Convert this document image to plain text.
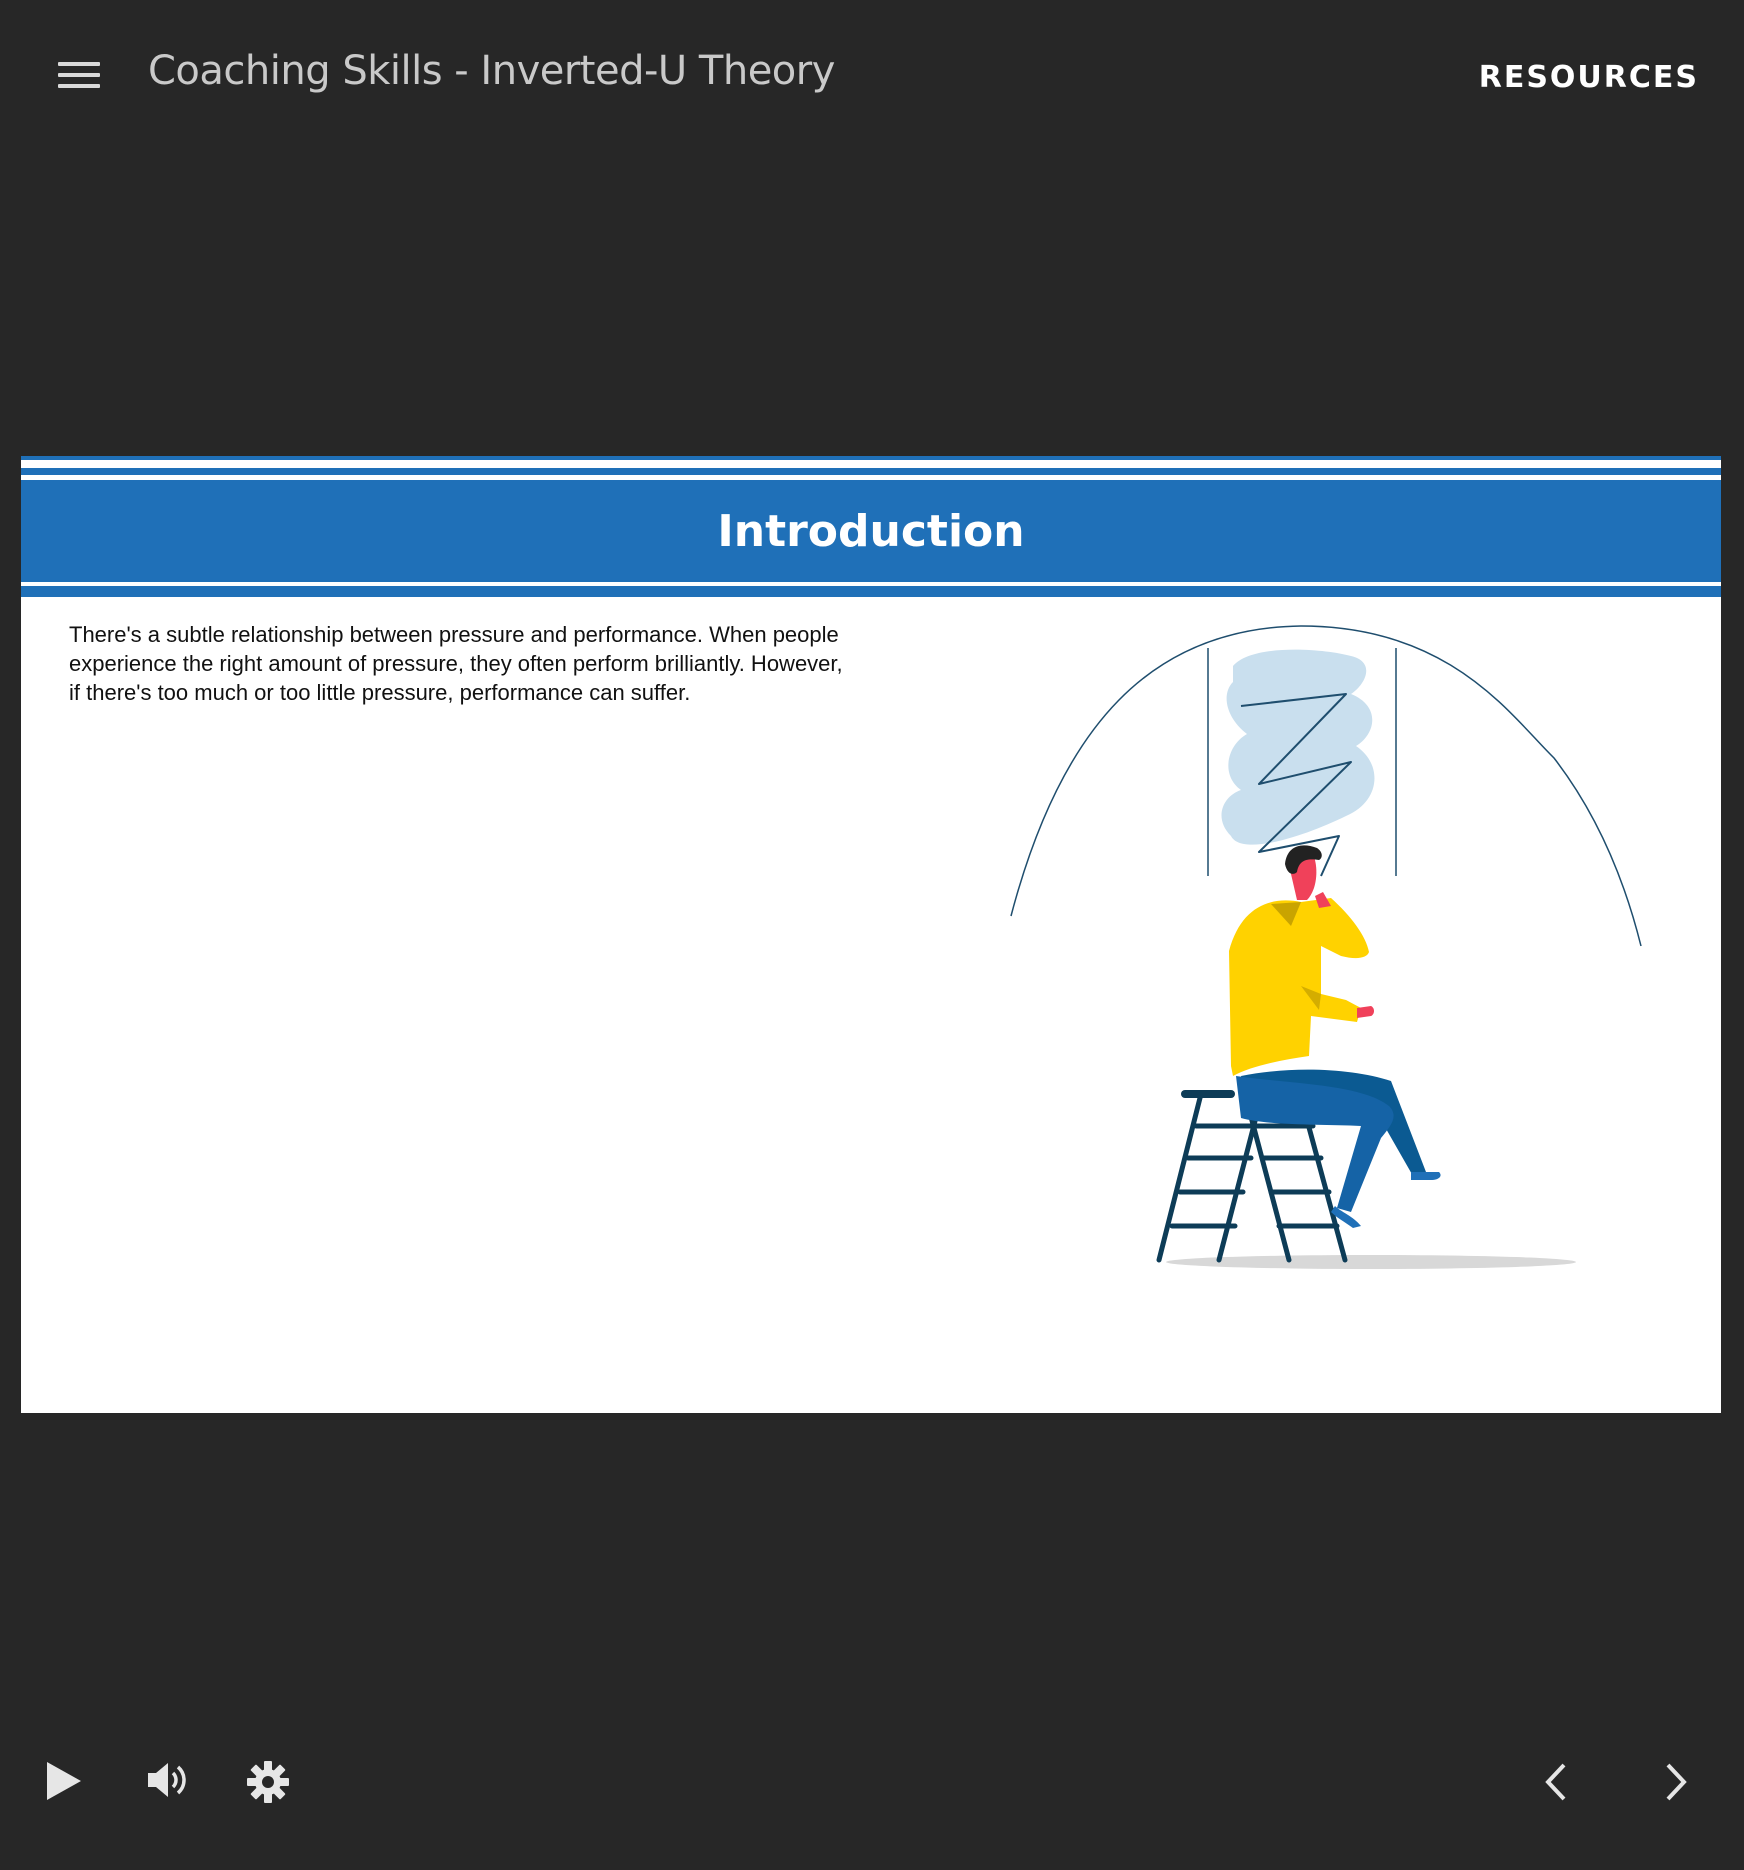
Coaching Skills - Inverted-U Theory	RESOURCES
Introduction
There's a subtle relationship between pressure and performance. When people experience the right amount of pressure, they often perform brilliantly. However, if there's too much or too little pressure, performance can suffer.
